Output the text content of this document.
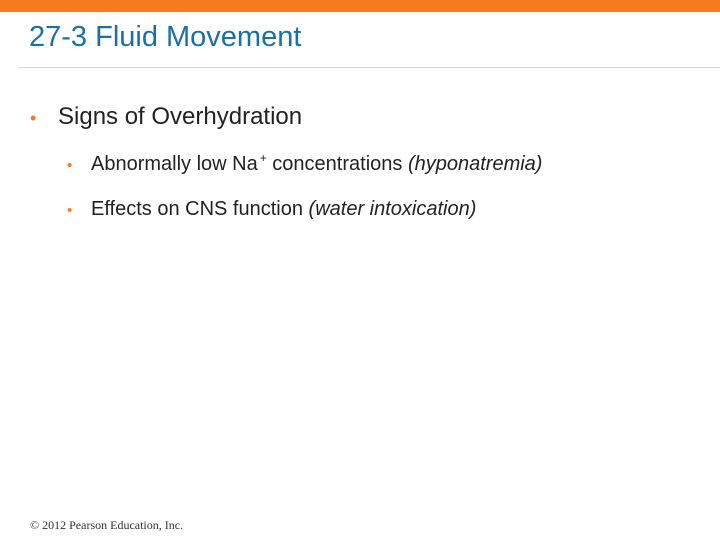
27-3 Fluid Movement
• Signs of Overhydration
• Abnormally low Na + concentrations (hyponatremia)
• Effects on CNS function (water intoxication)
© 2012 Pearson Education, Inc.
